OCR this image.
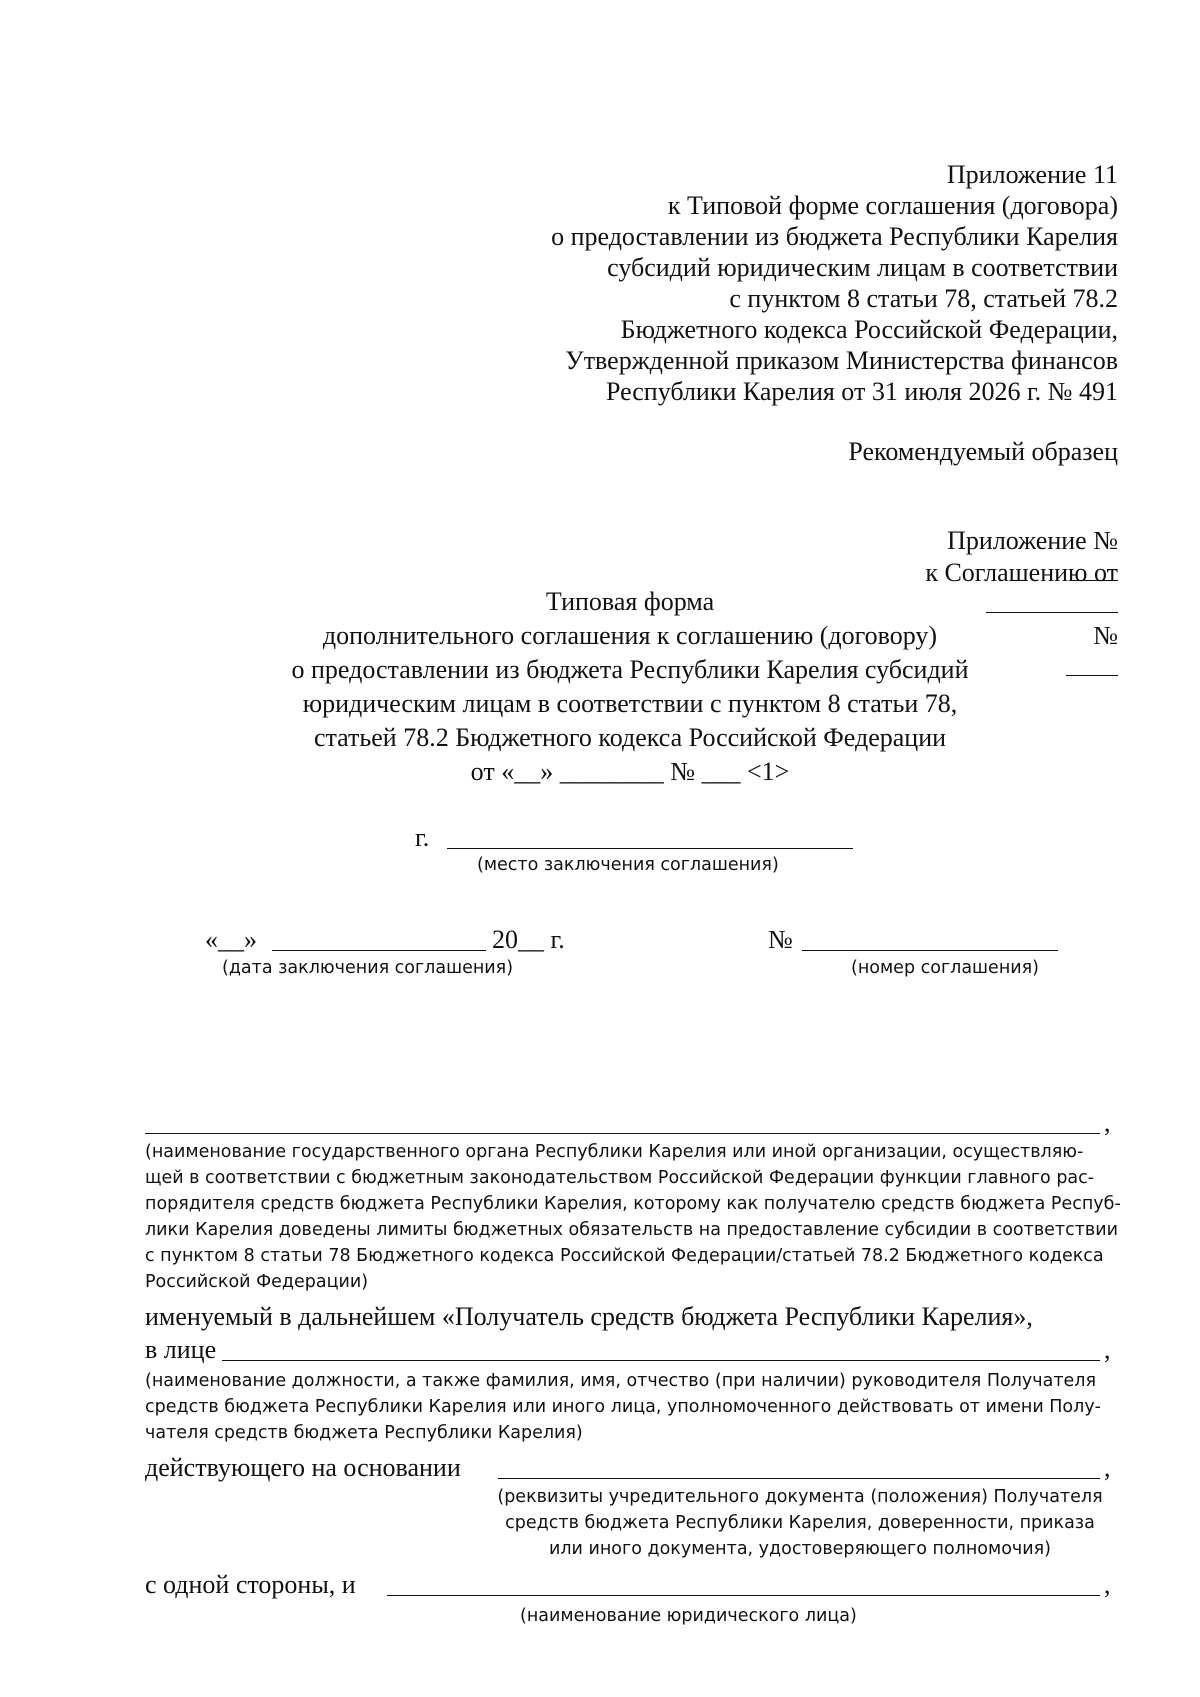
Приложение 11
к Типовой форме соглашения (договора)
о предоставлении из бюджета Республики Карелия
субсидий юридическим лицам в соответствии
с пунктом 8 статьи 78, статьей 78.2
Бюджетного кодекса Российской Федерации,
Утвержденной приказом Министерства финансов
Республики Карелия от 31 июля 2026 г. № 491
Рекомендуемый образец

Приложение №

к Соглашению от

№

Типовая форма
дополнительного соглашения к соглашению (договору)
о предоставлении из бюджета Республики Карелия субсидий
юридическим лицам в соответствии с пунктом 8 статьи 78,
статьей 78.2 Бюджетного кодекса Российской Федерации
от «__» ________ № ___ <1>
г.
(место заключения соглашения)
«__»	20__ г.
(дата заключения соглашения)
№
(номер соглашения)
,
(наименование государственного органа Республики Карелия или иной организации, осуществляю-
щей в соответствии с бюджетным законодательством Российской Федерации функции главного рас-
порядителя средств бюджета Республики Карелия, которому как получателю средств бюджета Респуб-
лики Карелия доведены лимиты бюджетных обязательств на предоставление субсидии в соответствии
с пунктом 8 статьи 78 Бюджетного кодекса Российской Федерации/статьей 78.2 Бюджетного кодекса
Российской Федерации)
именуемый в дальнейшем «Получатель средств бюджета Республики Карелия»,
в лице	,
(наименование должности, а также фамилия, имя, отчество (при наличии) руководителя Получателя
средств бюджета Республики Карелия или иного лица, уполномоченного действовать от имени Полу-
чателя средств бюджета Республики Карелия)
действующего на основании	,
(реквизиты учредительного документа (положения) Получателя
средств бюджета Республики Карелия, доверенности, приказа
или иного документа, удостоверяющего полномочия)
с одной стороны, и	,
(наименование юридического лица)
